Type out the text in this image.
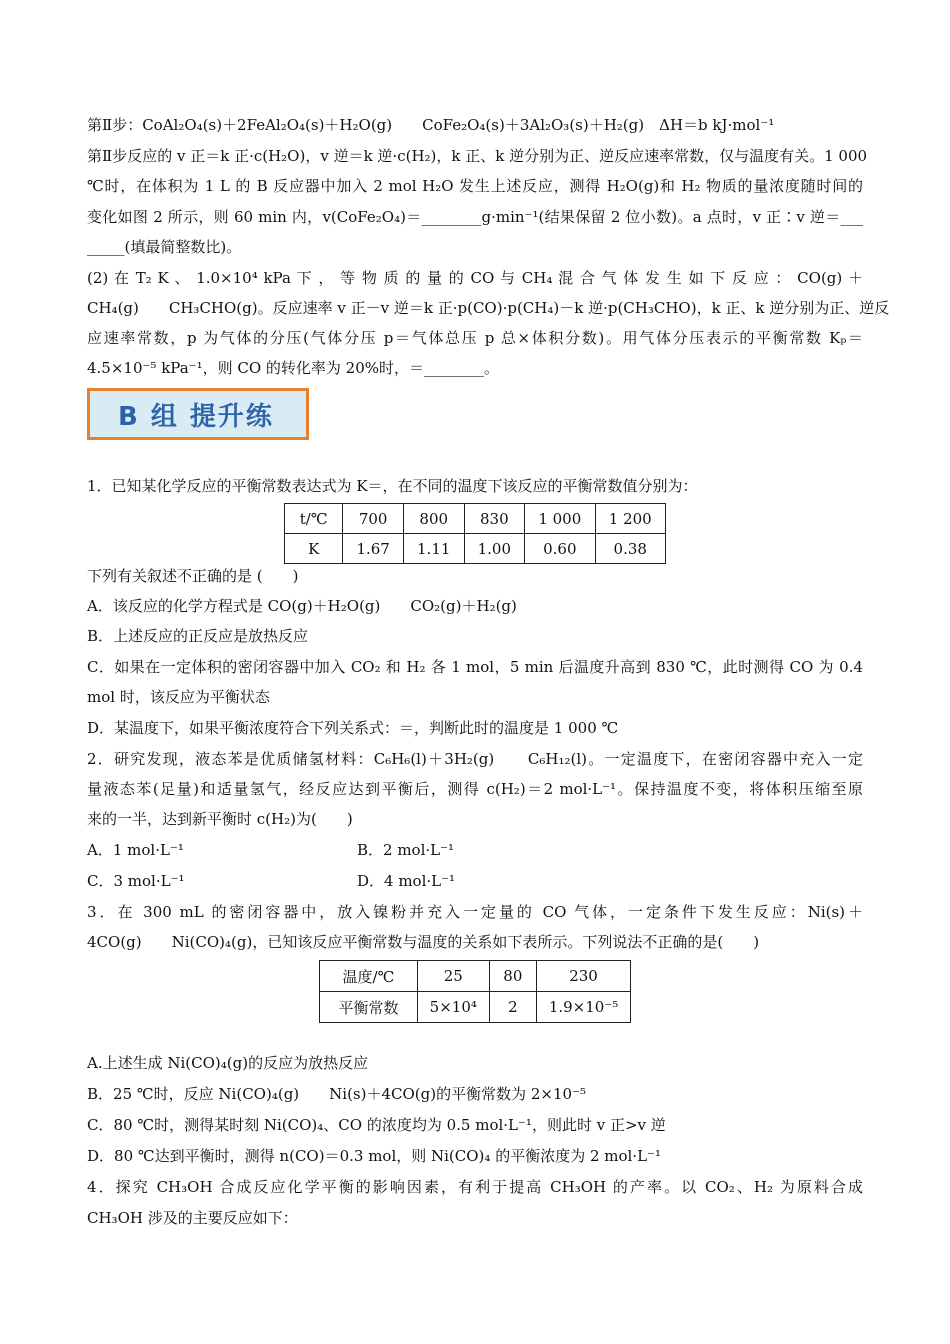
第Ⅱ步：CoAl₂O₄(s)＋2FeAl₂O₄(s)＋H₂O(g)　　CoFe₂O₄(s)＋3Al₂O₃(s)＋H₂(g)　ΔH＝b kJ·mol⁻¹
第Ⅱ步反应的 v 正＝k 正·c(H₂O)，v 逆＝k 逆·c(H₂)，k 正、k 逆分别为正、逆反应速率常数，仅与温度有关。1 000
℃时，在体积为 1 L 的 B 反应器中加入 2 mol H₂O 发生上述反应，测得 H₂O(g)和 H₂ 物质的量浓度随时间的
变化如图 2 所示，则 60 min 内，v(CoFe₂O₄)＝________g·min⁻¹(结果保留 2 位小数)。a 点时，v 正∶v 逆＝___
_____(填最简整数比)。
(2) 在 T₂ K 、 1.0×10⁴ kPa 下 ， 等 物 质 的 量 的 CO 与 CH₄ 混 合 气 体 发 生 如 下 反 应 ： CO(g) ＋
CH₄(g)　　CH₃CHO(g)。反应速率 v 正－v 逆＝k 正·p(CO)·p(CH₄)－k 逆·p(CH₃CHO)，k 正、k 逆分别为正、逆反
应速率常数，p 为气体的分压(气体分压 p＝气体总压 p 总×体积分数)。用气体分压表示的平衡常数 Kₚ＝
4.5×10⁻⁵ kPa⁻¹，则 CO 的转化率为 20%时，＝________。
B 组 提升练
1．已知某化学反应的平衡常数表达式为 K＝，在不同的温度下该反应的平衡常数值分别为：
t/℃	700	800	830	1 000	1 200
K	1.67	1.11	1.00	0.60	0.38
下列有关叙述不正确的是 (　　)
A．该反应的化学方程式是 CO(g)＋H₂O(g)　　CO₂(g)＋H₂(g)
B．上述反应的正反应是放热反应
C．如果在一定体积的密闭容器中加入 CO₂ 和 H₂ 各 1 mol，5 min 后温度升高到 830 ℃，此时测得 CO 为 0.4
mol 时，该反应为平衡状态
D．某温度下，如果平衡浓度符合下列关系式：＝，判断此时的温度是 1 000 ℃
2．研究发现，液态苯是优质储氢材料：C₆H₆(l)＋3H₂(g)　　C₆H₁₂(l)。一定温度下，在密闭容器中充入一定
量液态苯(足量)和适量氢气，经反应达到平衡后，测得 c(H₂)＝2 mol·L⁻¹。保持温度不变，将体积压缩至原
来的一半，达到新平衡时 c(H₂)为(　　)
A．1 mol·L⁻¹	B．2 mol·L⁻¹
C．3 mol·L⁻¹	D．4 mol·L⁻¹
3．在 300 mL 的密闭容器中，放入镍粉并充入一定量的 CO 气体，一定条件下发生反应：Ni(s)＋
4CO(g)　　Ni(CO)₄(g)，已知该反应平衡常数与温度的关系如下表所示。下列说法不正确的是(　　)
温度/℃	25	80	230
平衡常数	5×10⁴	2	1.9×10⁻⁵
A.上述生成 Ni(CO)₄(g)的反应为放热反应
B．25 ℃时，反应 Ni(CO)₄(g)　　Ni(s)＋4CO(g)的平衡常数为 2×10⁻⁵
C．80 ℃时，测得某时刻 Ni(CO)₄、CO 的浓度均为 0.5 mol·L⁻¹，则此时 v 正>v 逆
D．80 ℃达到平衡时，测得 n(CO)＝0.3 mol，则 Ni(CO)₄ 的平衡浓度为 2 mol·L⁻¹
4．探究 CH₃OH 合成反应化学平衡的影响因素，有利于提高 CH₃OH 的产率。以 CO₂、H₂ 为原料合成
CH₃OH 涉及的主要反应如下：
